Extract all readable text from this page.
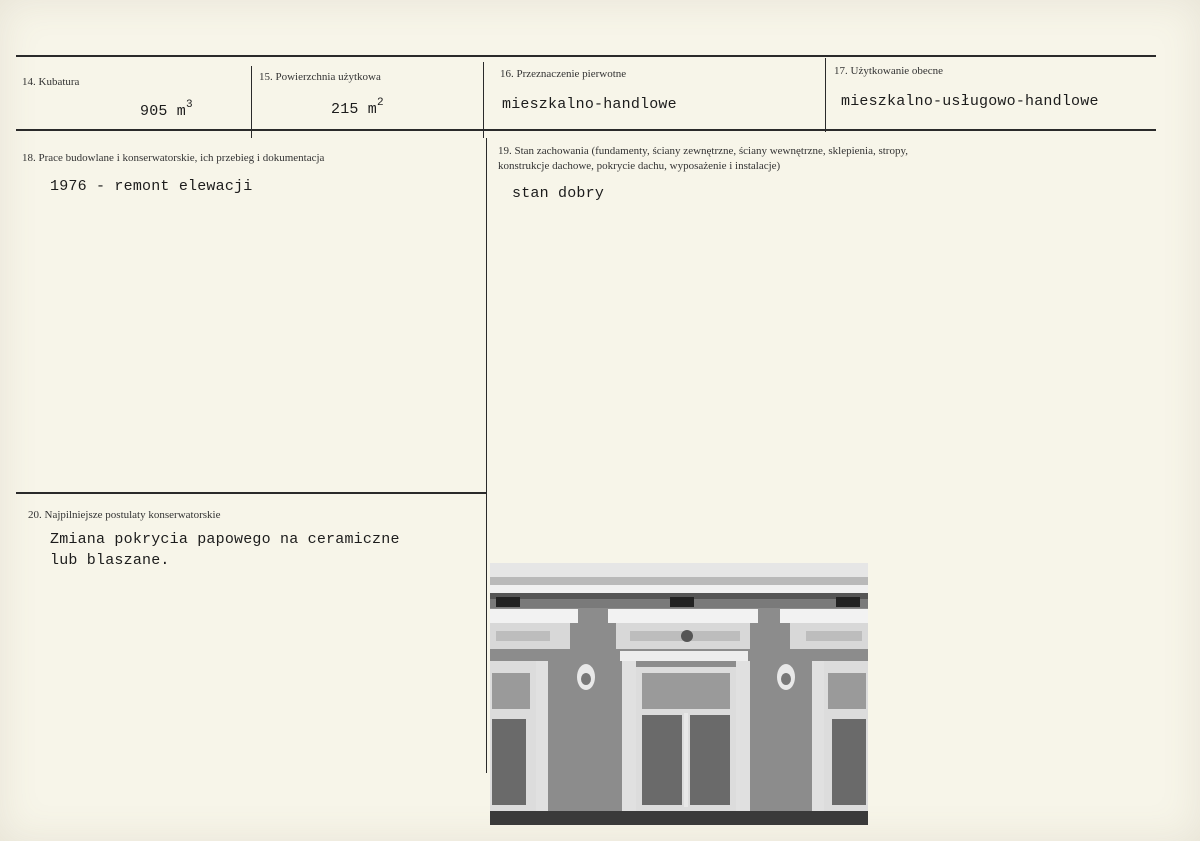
14. Kubatura
905 $m^3$
15. Powierzchnia użytkowa
215 $m^2$
16. Przeznaczenie pierwotne
mieszkalno-handlowe
17. Użytkowanie obecne
mieszkalno-usługowo-handlowe
18. Prace budowlane i konserwatorskie, ich przebieg i dokumentacja
1976 - remont elewacji
19. Stan zachowania (fundamenty, ściany zewnętrzne, ściany wewnętrzne, sklepienia, stropy,
konstrukcje dachowe, pokrycie dachu, wyposażenie i instalacje)
stan dobry
20. Najpilniejsze postulaty konserwatorskie
Zmiana pokrycia papowego na ceramiczne
lub blaszane.
